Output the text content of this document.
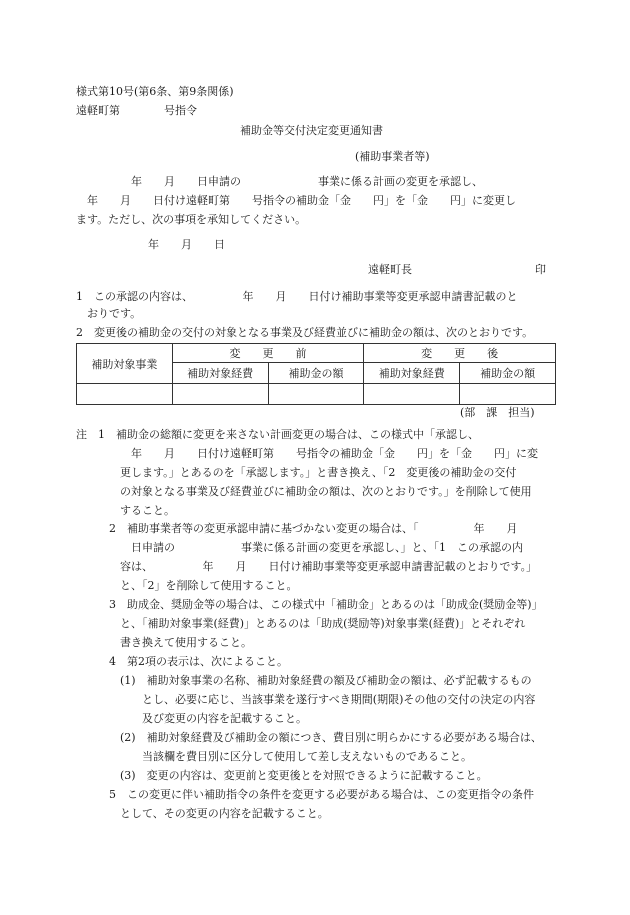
様式第10号(第6条、第9条関係)

遠軽町第　　　　号指令

補助金等交付決定変更通知書

(補助事業者等)

　　　　　年　　月　　日申請の　　　　　　　事業に係る計画の変更を承認し、

　年　　月　　日付け遠軽町第　　号指令の補助金「金　　円」を「金　　円」に変更し

ます。ただし、次の事項を承知してください。

年　　月　　日

遠軽町長	印

1　この承認の内容は、　　　　　年　　月　　日付け補助事業等変更承認申請書記載のと

おりです。

2　変更後の補助金の交付の対象となる事業及び経費並びに補助金の額は、次のとおりです。

補助対象事業	変　　更　　前		変　　更　　後	
	補助対象経費	補助金の額	補助対象経費	補助金の額

(部　課　担当)

注　1　補助金の総額に変更を来さない計画変更の場合は、この様式中「承認し、

　　　　　年　　月　　日付け遠軽町第　　号指令の補助金「金　　円」を「金　　円」に変

　　　　更します。」とあるのを「承認します。」と書き換え、「2　変更後の補助金の交付

　　　　の対象となる事業及び経費並びに補助金の額は、次のとおりです。」を削除して使用

　　　　すること。

　　　2　補助事業者等の変更承認申請に基づかない変更の場合は、「　　　　　年　　月

　　　　　日申請の　　　　　　事業に係る計画の変更を承認し、」と、「1　この承認の内

　　　　容は、　　　　　年　　月　　日付け補助事業等変更承認申請書記載のとおりです。」

　　　　と、「2」を削除して使用すること。

　　　3　助成金、奨励金等の場合は、この様式中「補助金」とあるのは「助成金(奨励金等)」

　　　　と、「補助対象事業(経費)」とあるのは「助成(奨励等)対象事業(経費)」とそれぞれ

　　　　書き換えて使用すること。

　　　4　第2項の表示は、次によること。

　　　　(1)　補助対象事業の名称、補助対象経費の額及び補助金の額は、必ず記載するもの

　　　　　　とし、必要に応じ、当該事業を遂行すべき期間(期限)その他の交付の決定の内容

　　　　　　及び変更の内容を記載すること。

　　　　(2)　補助対象経費及び補助金の額につき、費目別に明らかにする必要がある場合は、

　　　　　　当該欄を費目別に区分して使用して差し支えないものであること。

　　　　(3)　変更の内容は、変更前と変更後とを対照できるように記載すること。

　　　5　この変更に伴い補助指令の条件を変更する必要がある場合は、この変更指令の条件

　　　　として、その変更の内容を記載すること。
